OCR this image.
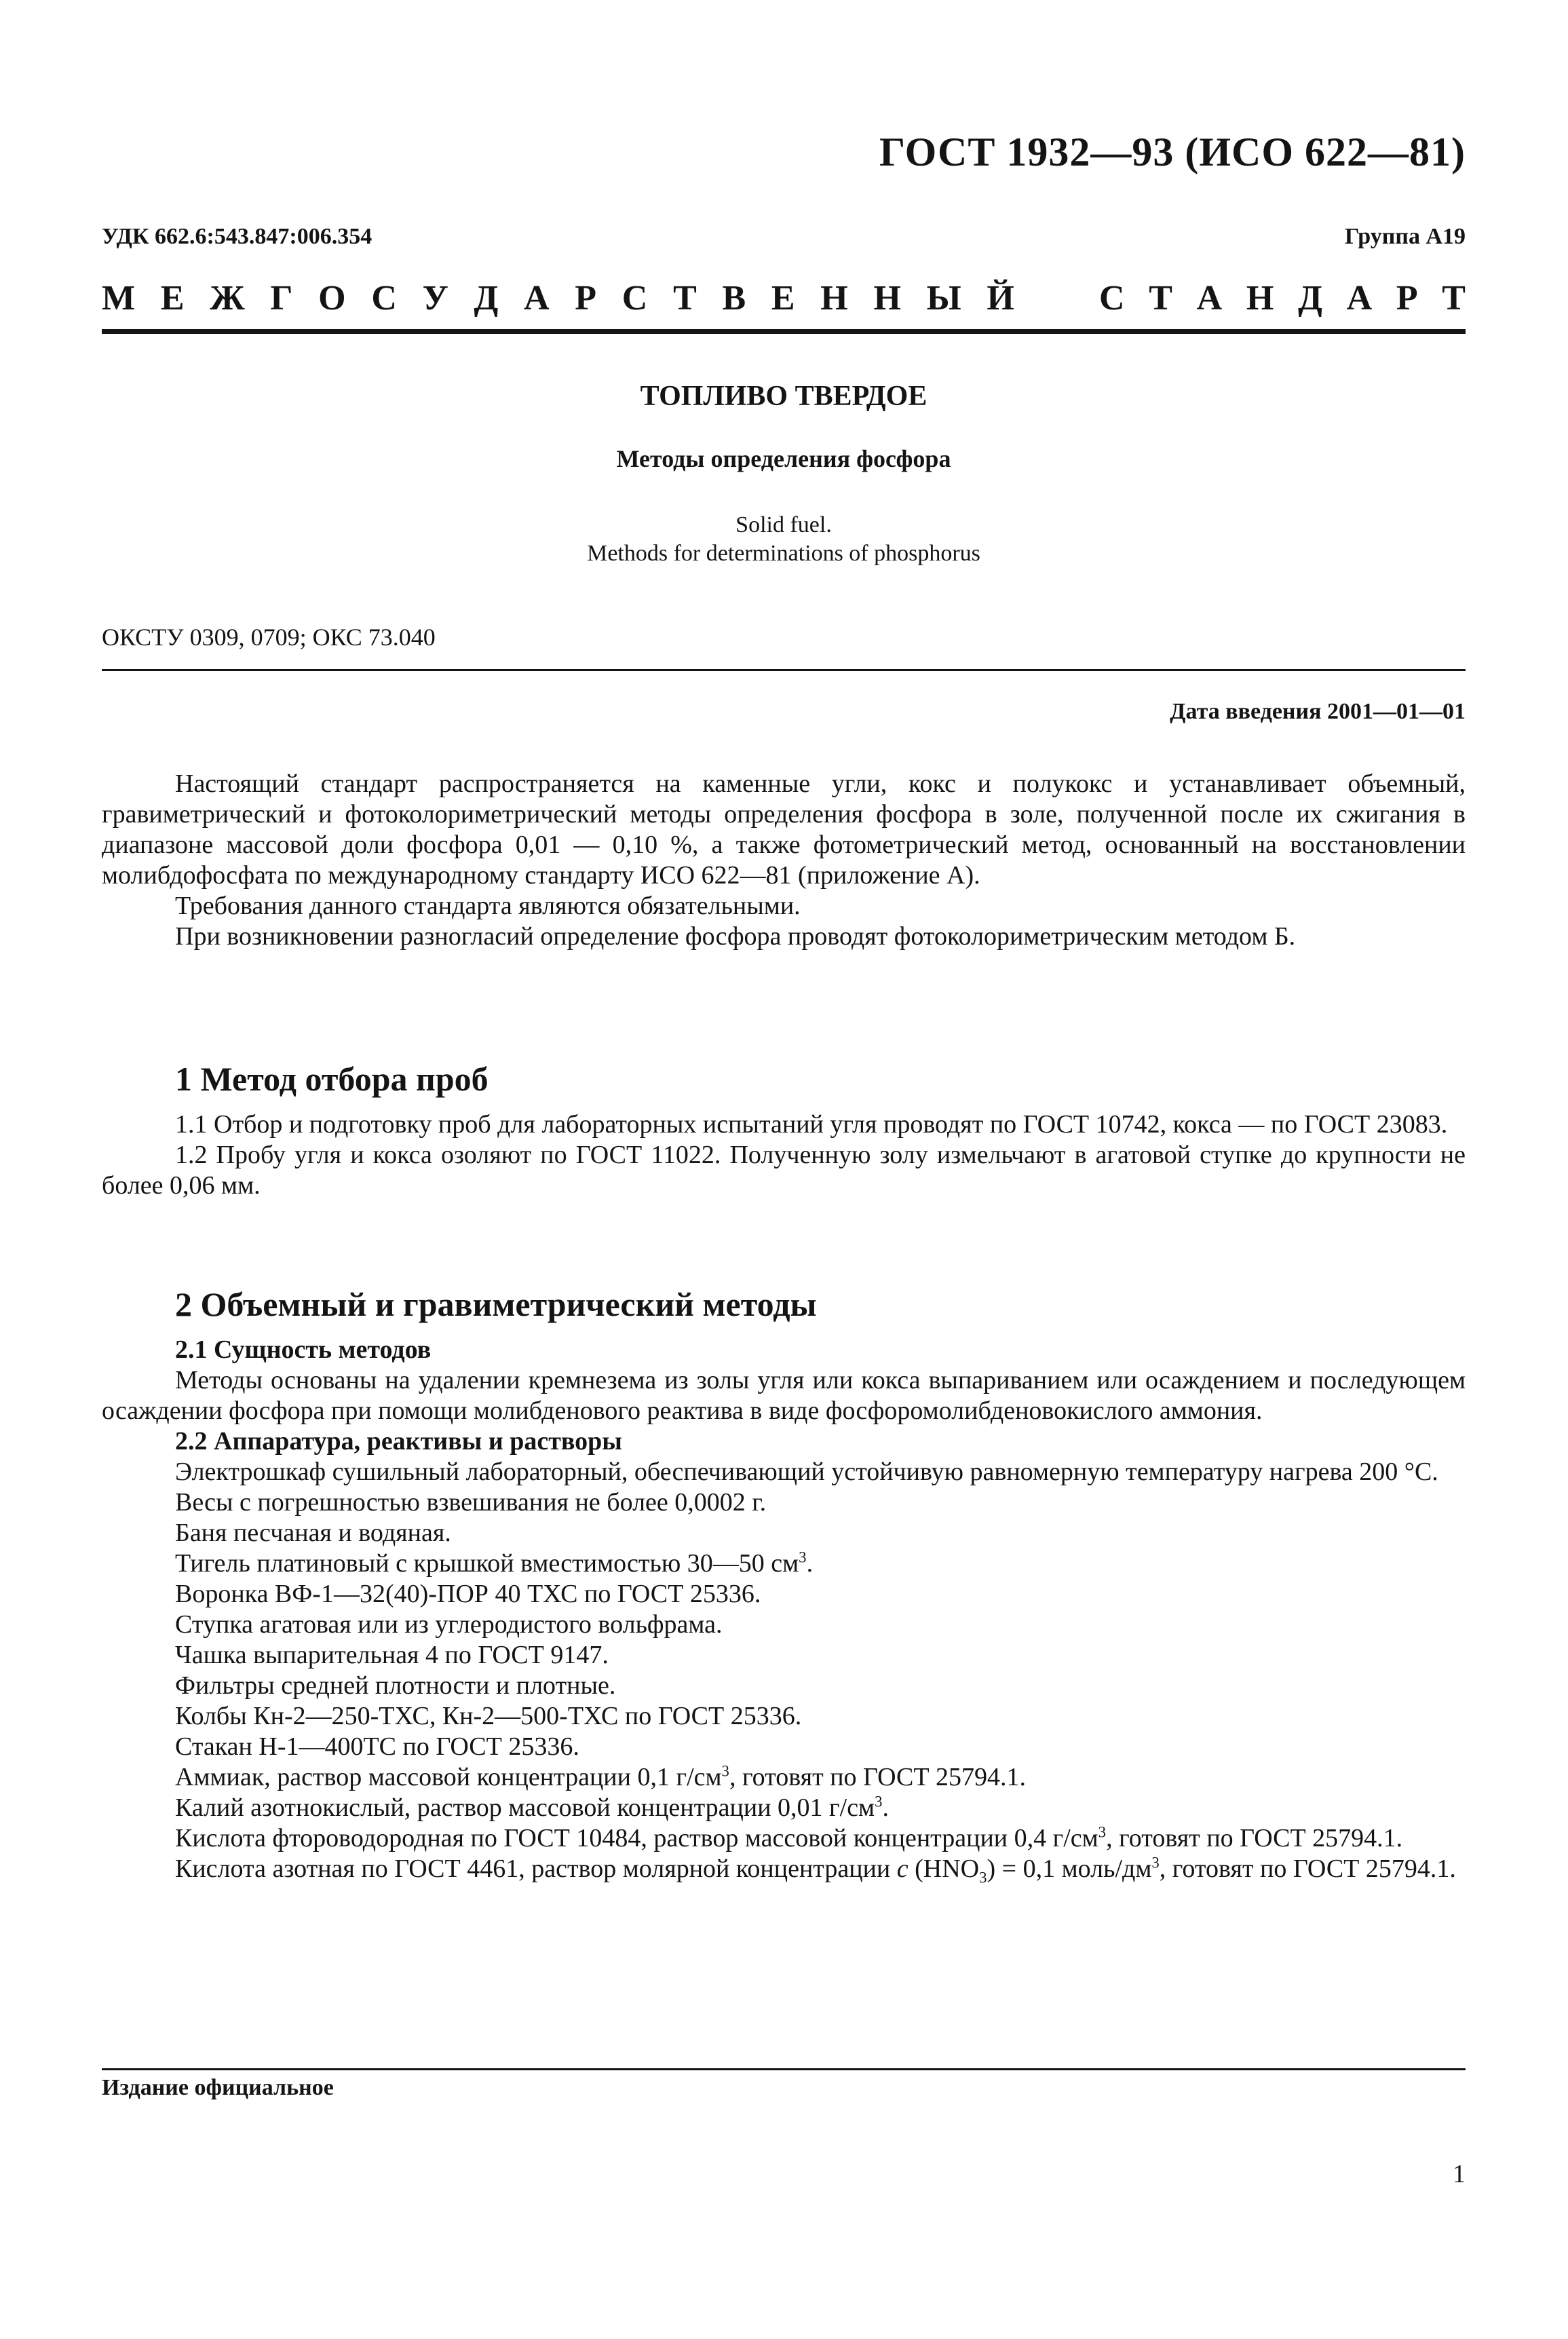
ГОСТ 1932—93 (ИСО 622—81)
УДК 662.6:543.847:006.354	Группа А19
М Е Ж Г О С У Д А Р С Т В Е Н Н Ы Й С Т А Н Д А Р Т
ТОПЛИВО ТВЕРДОЕ
Методы определения фосфора
Solid fuel.
Methods for determinations of phosphorus
ОКСТУ 0309, 0709; ОКС 73.040
Дата введения 2001—01—01

Настоящий стандарт распространяется на каменные угли, кокс и полукокс и устанавливает объемный, гравиметрический и фотоколориметрический методы определения фосфора в золе, полученной после их сжигания в диапазоне массовой доли фосфора 0,01 — 0,10 %, а также фотометрический метод, основанный на восстановлении молибдофосфата по международному стандарту ИСО 622—81 (приложение А).

Требования данного стандарта являются обязательными.

При возникновении разногласий определение фосфора проводят фотоколориметрическим методом Б.

1 Метод отбора проб

1.1 Отбор и подготовку проб для лабораторных испытаний угля проводят по ГОСТ 10742, кокса — по ГОСТ 23083.

1.2 Пробу угля и кокса озоляют по ГОСТ 11022. Полученную золу измельчают в агатовой ступке до крупности не более 0,06 мм.

2 Объемный и гравиметрический методы

2.1 Сущность методов

Методы основаны на удалении кремнезема из золы угля или кокса выпариванием или осаждением и последующем осаждении фосфора при помощи молибденового реактива в виде фосфоромолибденовокислого аммония.

2.2 Аппаратура, реактивы и растворы

Электрошкаф сушильный лабораторный, обеспечивающий устойчивую равномерную температуру нагрева 200 °С.

Весы с погрешностью взвешивания не более 0,0002 г.

Баня песчаная и водяная.

Тигель платиновый с крышкой вместимостью 30—50 $см^3$.

Воронка ВФ-1—32(40)-ПОР 40 ТХС по ГОСТ 25336.

Ступка агатовая или из углеродистого вольфрама.

Чашка выпарительная 4 по ГОСТ 9147.

Фильтры средней плотности и плотные.

Колбы Кн-2—250-ТХС, Кн-2—500-ТХС по ГОСТ 25336.

Стакан Н-1—400ТС по ГОСТ 25336.

Аммиак, раствор массовой концентрации 0,1 $г/см^3$, готовят по ГОСТ 25794.1.

Калий азотнокислый, раствор массовой концентрации 0,01 $г/см^3$.

Кислота фтороводородная по ГОСТ 10484, раствор массовой концентрации 0,4 $г/см^3$, готовят по ГОСТ 25794.1.

Кислота азотная по ГОСТ 4461, раствор молярной концентрации c $(HNO_3) = 0,1$ моль/$дм^3$, готовят по ГОСТ 25794.1.

Издание официальное
1
